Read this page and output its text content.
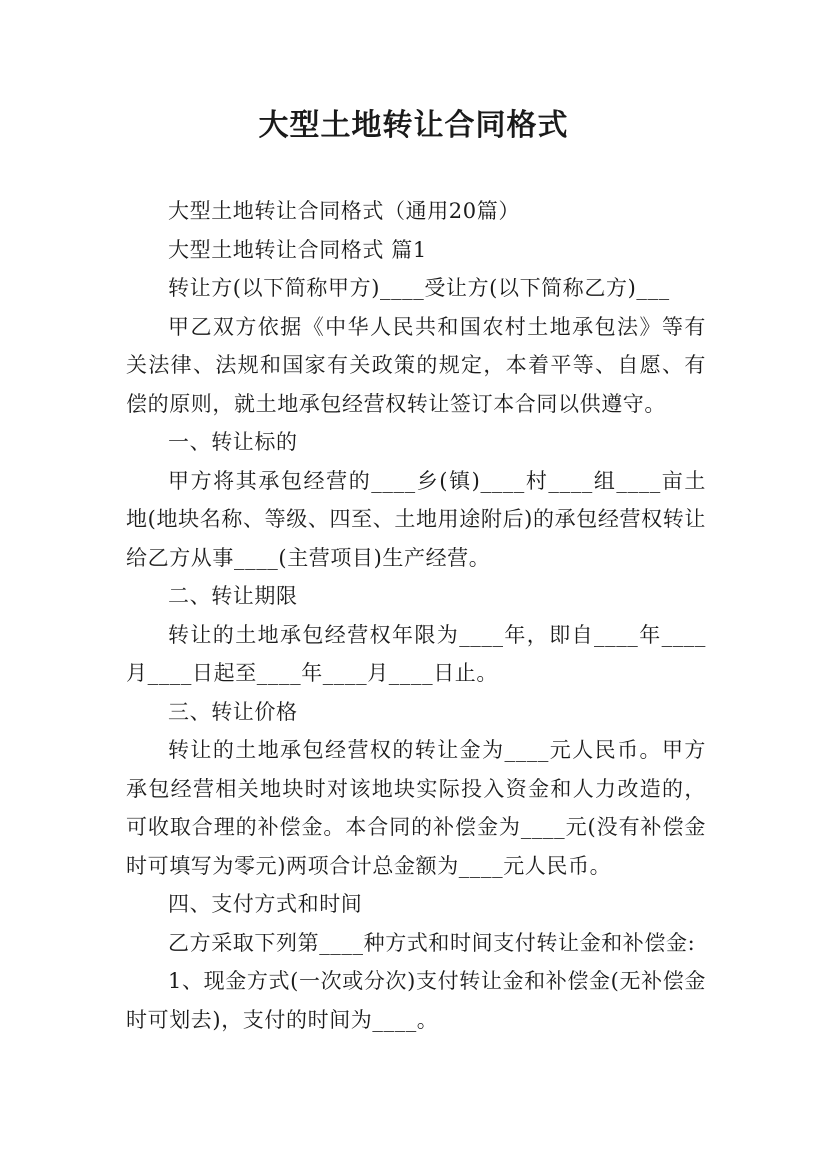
大型土地转让合同格式

大型土地转让合同格式（通用20篇）

大型土地转让合同格式 篇1

转让方(以下简称甲方)____受让方(以下简称乙方)___

甲乙双方依据《中华人民共和国农村土地承包法》等有关法律、法规和国家有关政策的规定，本着平等、自愿、有偿的原则，就土地承包经营权转让签订本合同以供遵守。

一、转让标的

甲方将其承包经营的____乡(镇)____村____组____亩土地(地块名称、等级、四至、土地用途附后)的承包经营权转让给乙方从事____(主营项目)生产经营。

二、转让期限

转让的土地承包经营权年限为____年，即自____年____月____日起至____年____月____日止。

三、转让价格

转让的土地承包经营权的转让金为____元人民币。甲方承包经营相关地块时对该地块实际投入资金和人力改造的，可收取合理的补偿金。本合同的补偿金为____元(没有补偿金时可填写为零元)两项合计总金额为____元人民币。

四、支付方式和时间

乙方采取下列第____种方式和时间支付转让金和补偿金:

1、现金方式(一次或分次)支付转让金和补偿金(无补偿金时可划去)，支付的时间为____。
